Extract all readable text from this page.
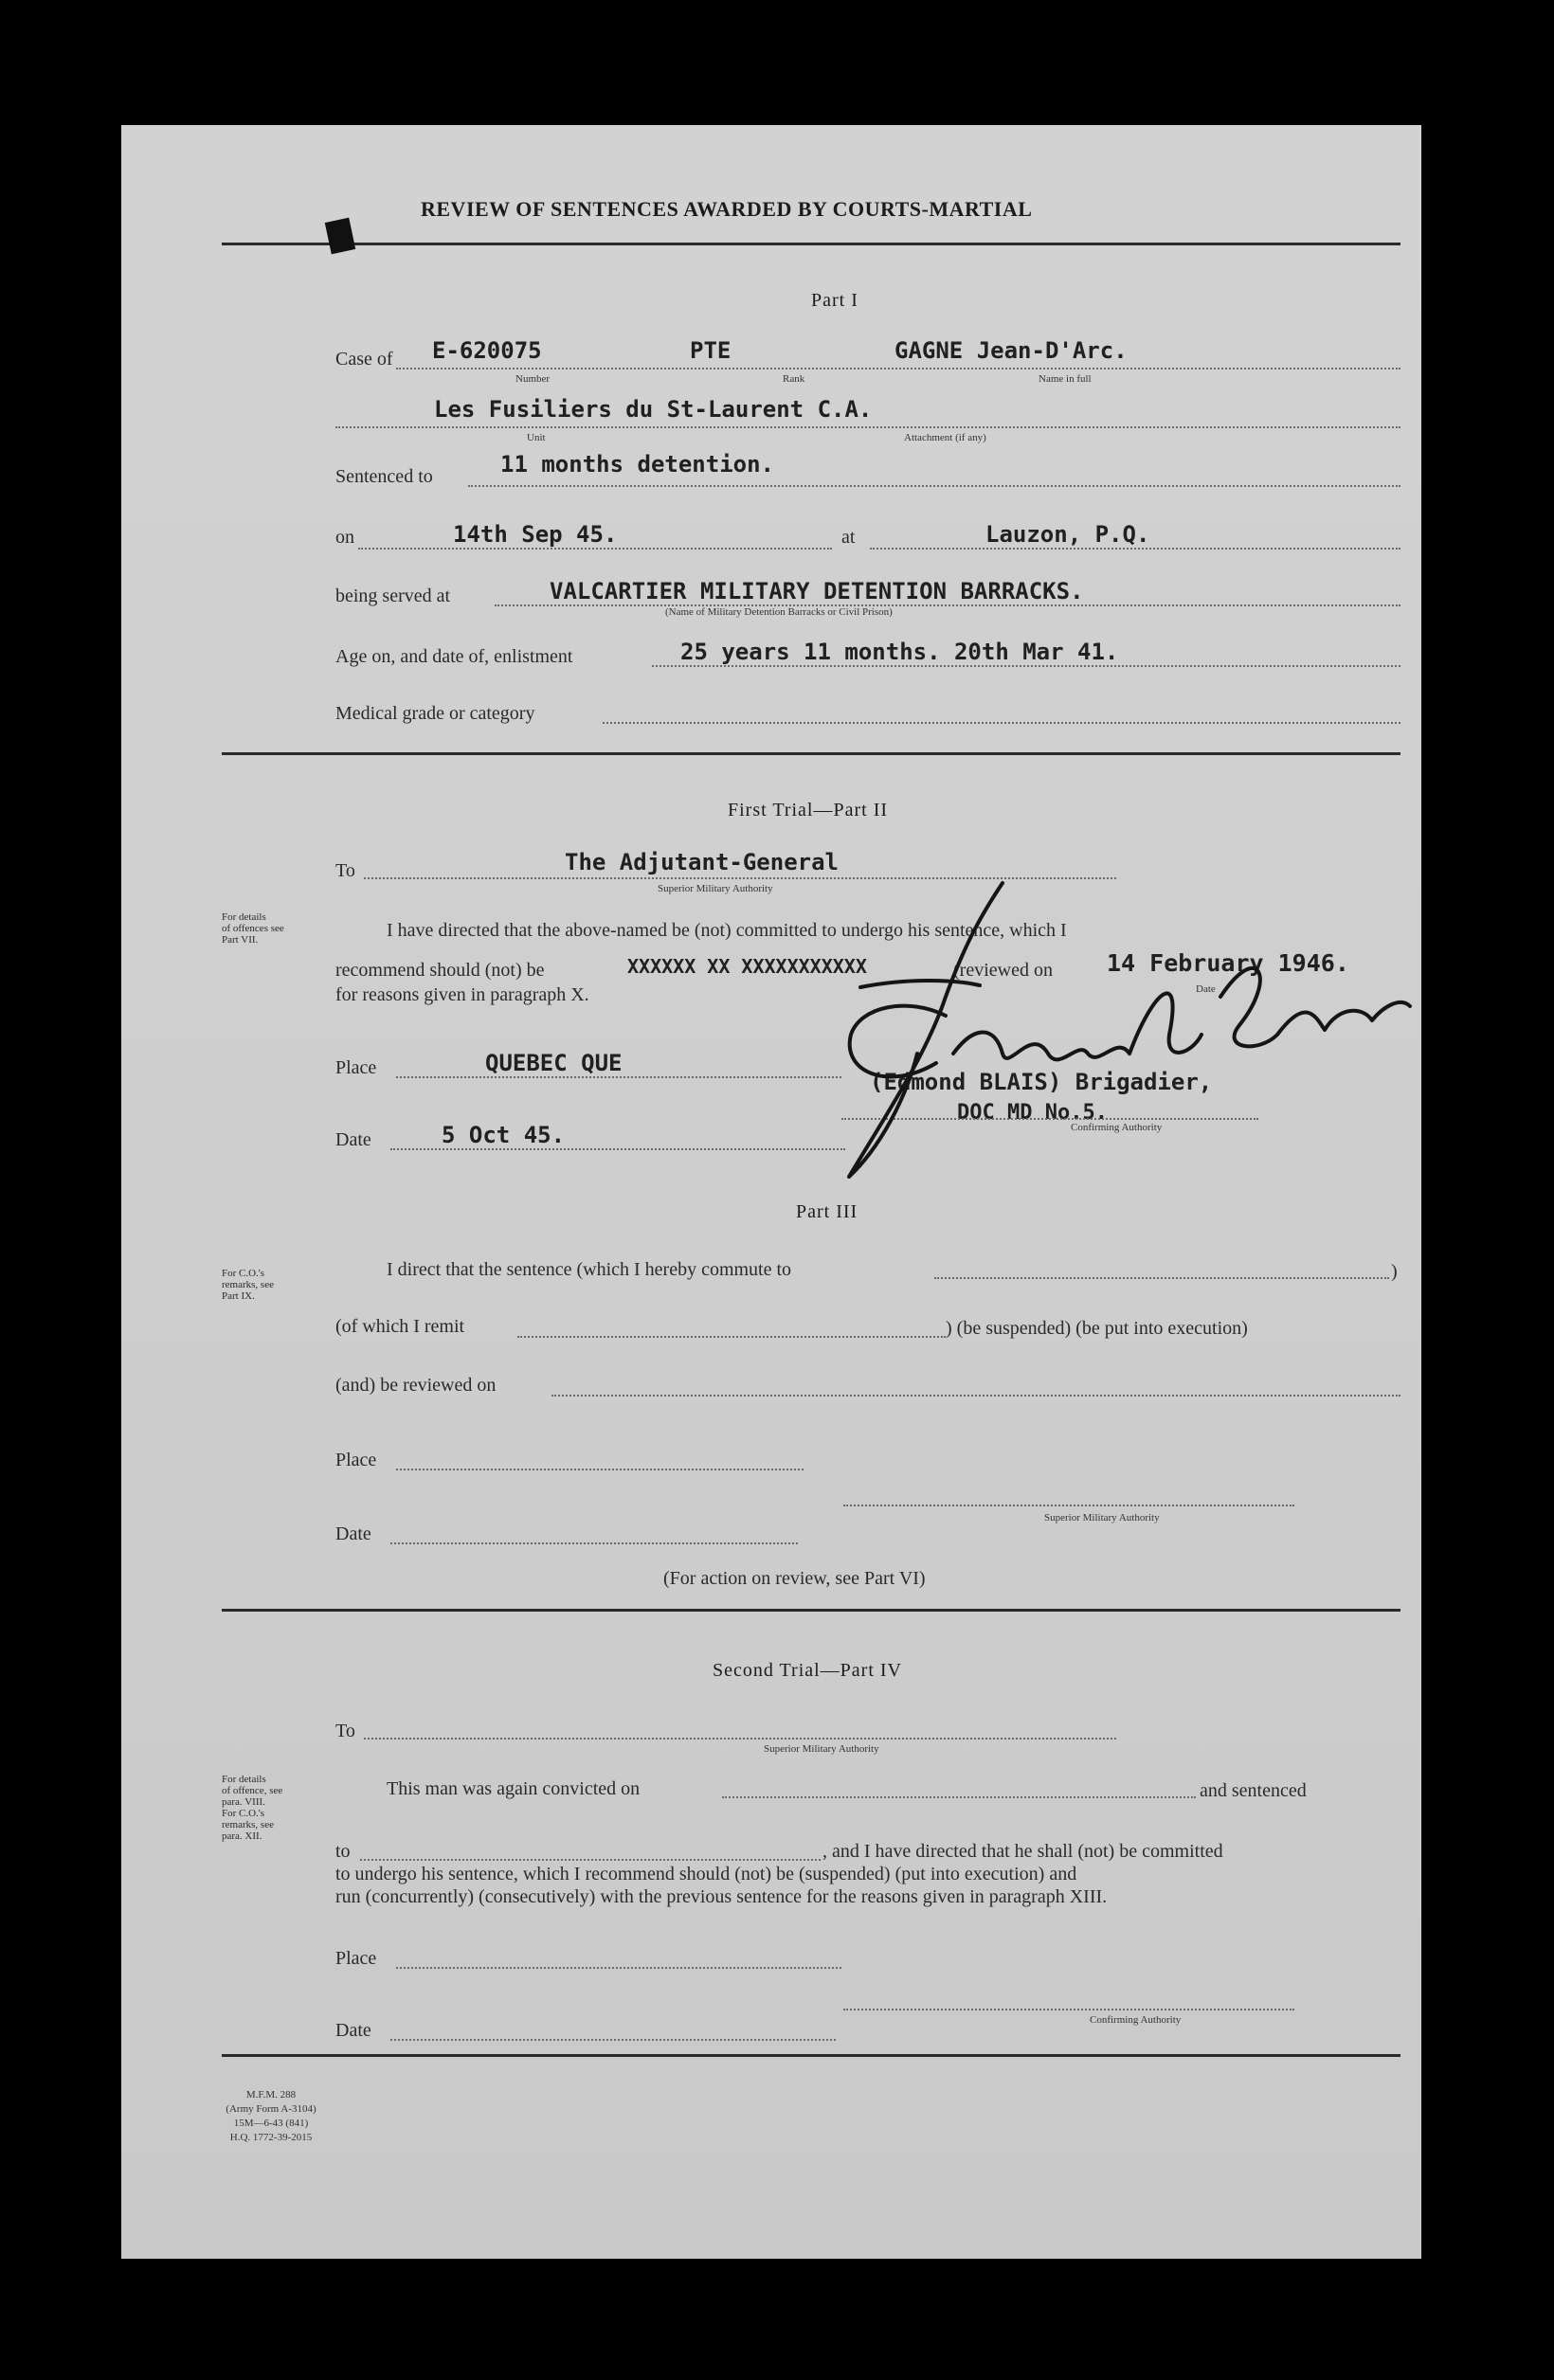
REVIEW OF SENTENCES AWARDED BY COURTS-MARTIAL
Part I
Case of E-620075	PTE	GAGNE Jean-D'Arc.
Number	Rank	Name in full
Les Fusiliers du St-Laurent C.A.
Unit	Attachment (if any)
Sentenced to	11 months detention.
on	14th Sep 45.	at	Lauzon, P.Q.
being served at	VALCARTIER MILITARY DETENTION BARRACKS.
(Name of Military Detention Barracks or Civil Prison)
Age on, and date of, enlistment	25 years 11 months. 20th Mar 41.
Medical grade or category
First Trial—Part II
To	The Adjutant-General
Superior Military Authority
For details
of offences see
Part VII.	I have directed that the above-named be (not) committed to undergo his sentence, which I
recommend should (not) be	XXXXXX XX XXXXXXXXXXX	(reviewed on 14 February 1946.
Date
for reasons given in paragraph X.
Place	QUEBEC QUE
Date	5 Oct 45.
(Edmond BLAIS) Brigadier,
DOC MD No.5.
Confirming Authority
Part III
For C.O.'s
remarks, see
Part IX.
I direct that the sentence (which I hereby commute to	)
(of which I remit	) (be suspended) (be put into execution)
(and) be reviewed on
Place
Superior Military Authority
Date
(For action on review, see Part VI)
Second Trial—Part IV
To
Superior Military Authority
For details
of offence, see
para. VIII.
For C.O.'s
remarks, see
para. XII.
This man was again convicted on	and sentenced
to	, and I have directed that he shall (not) be committed
to undergo his sentence, which I recommend should (not) be (suspended) (put into execution) and
run (concurrently) (consecutively) with the previous sentence for the reasons given in paragraph XIII.
Place
Confirming Authority
Date
M.F.M. 288
(Army Form A-3104)
15M—6-43 (841)
H.Q. 1772-39-2015
